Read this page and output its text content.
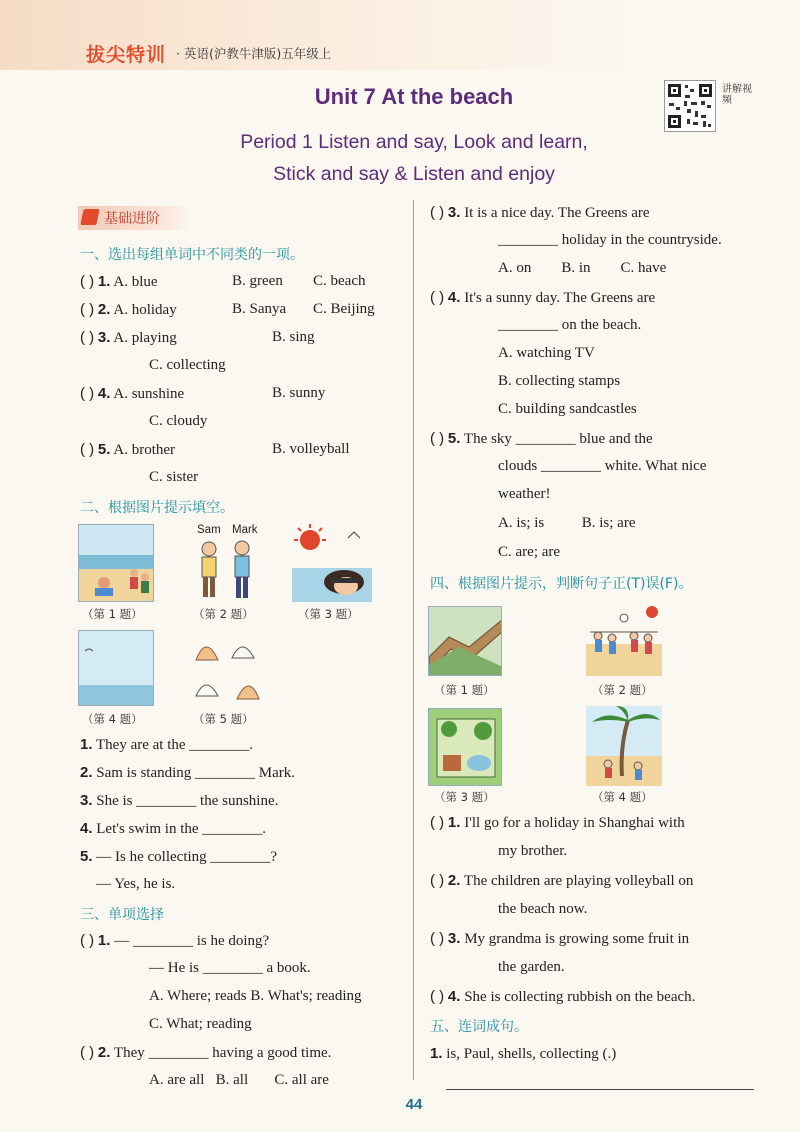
拔尖特训 · 英语(沪教牛津版)五年级上
Unit 7 At the beach
Period 1 Listen and say, Look and learn,
Stick and say & Listen and enjoy
讲解视频
基础进阶
一、选出每组单词中不同类的一项。
( ) 1. A. blue	B. green C. beach
( ) 2. A. holiday	B. Sanya C. Beijing
( ) 3. A. playing	B. sing
C. collecting
( ) 4. A. sunshine	B. sunny
C. cloudy
( ) 5. A. brother	B. volleyball
C. sister
二、根据图片提示填空。
Sam Mark
（第 1 题）	（第 2 题）	（第 3 题）
（第 4 题）	（第 5 题）
1. They are at the ________.
2. Sam is standing ________ Mark.
3. She is ________ the sunshine.
4. Let's swim in the ________.
5. — Is he collecting ________?
— Yes, he is.
三、单项选择
( ) 1. — ________ is he doing?
— He is ________ a book.
A. Where; reads B. What's; reading
C. What; reading
( ) 2. They ________ having a good time.
A. are all   B. all       C. all are
( ) 3. It is a nice day. The Greens are
________ holiday in the countryside.
A. on        B. in        C. have
( ) 4. It's a sunny day. The Greens are
________ on the beach.
A. watching TV
B. collecting stamps
C. building sandcastles
( ) 5. The sky ________ blue and the
clouds ________ white. What nice
weather!
A. is; is          B. is; are
C. are; are
四、根据图片提示，判断句子正(T)误(F)。
（第 1 题）	（第 2 题）
（第 3 题）	（第 4 题）
( ) 1. I'll go for a holiday in Shanghai with
my brother.
( ) 2. The children are playing volleyball on
the beach now.
( ) 3. My grandma is growing some fruit in
the garden.
( ) 4. She is collecting rubbish on the beach.
五、连词成句。
1. is, Paul, shells, collecting (.)
44
